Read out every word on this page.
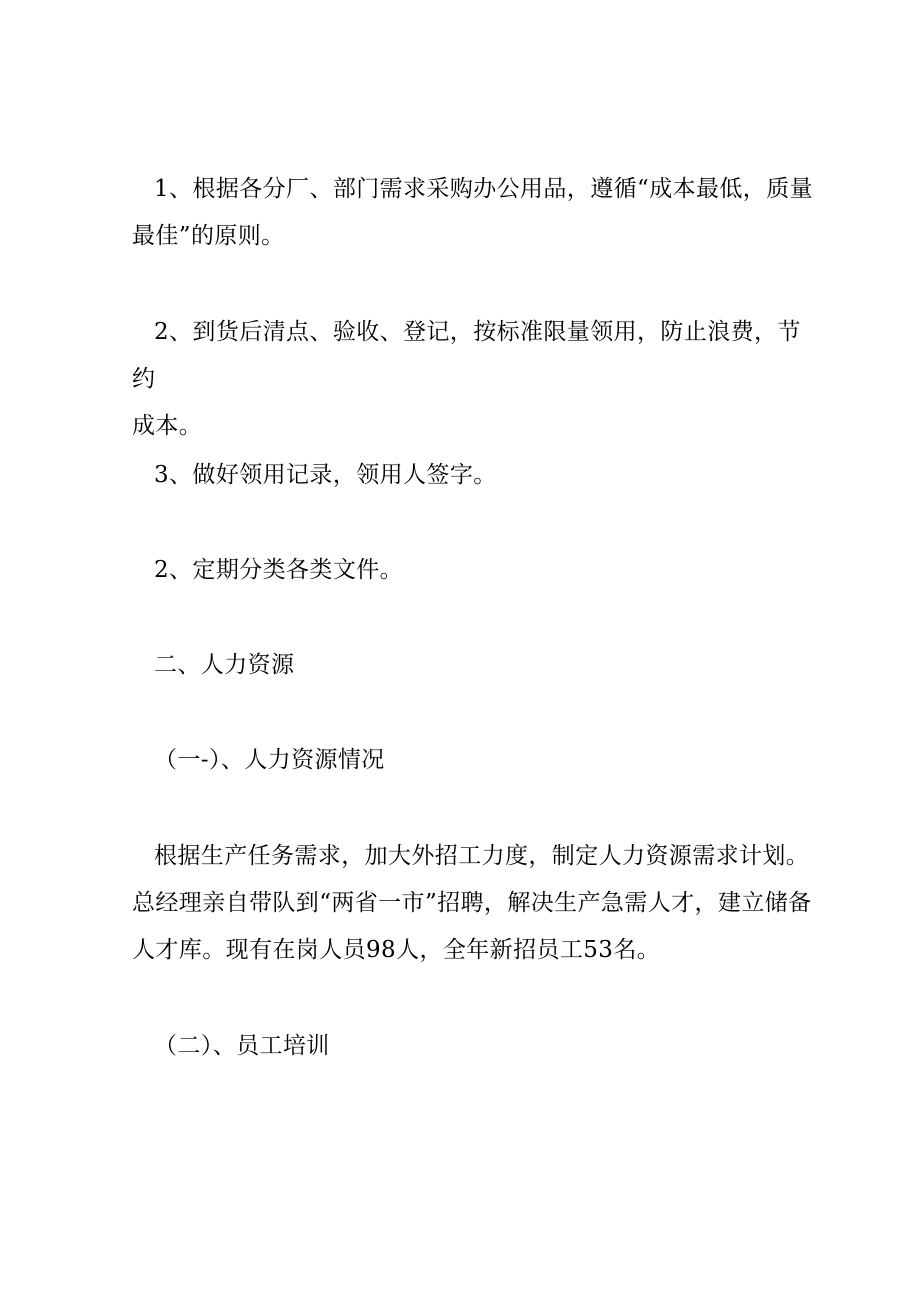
1、根据各分厂、部门需求采购办公用品，遵循“成本最低，质量
最佳”的原则。

2、到货后清点、验收、登记，按标准限量领用，防止浪费，节约
成本。

3、做好领用记录，领用人签字。

2、定期分类各类文件。

二、人力资源

（一-）、人力资源情况

根据生产任务需求，加大外招工力度，制定人力资源需求计划。
总经理亲自带队到“两省一市”招聘，解决生产急需人才，建立储备
人才库。现有在岗人员98人，全年新招员工53名。

（二）、员工培训
